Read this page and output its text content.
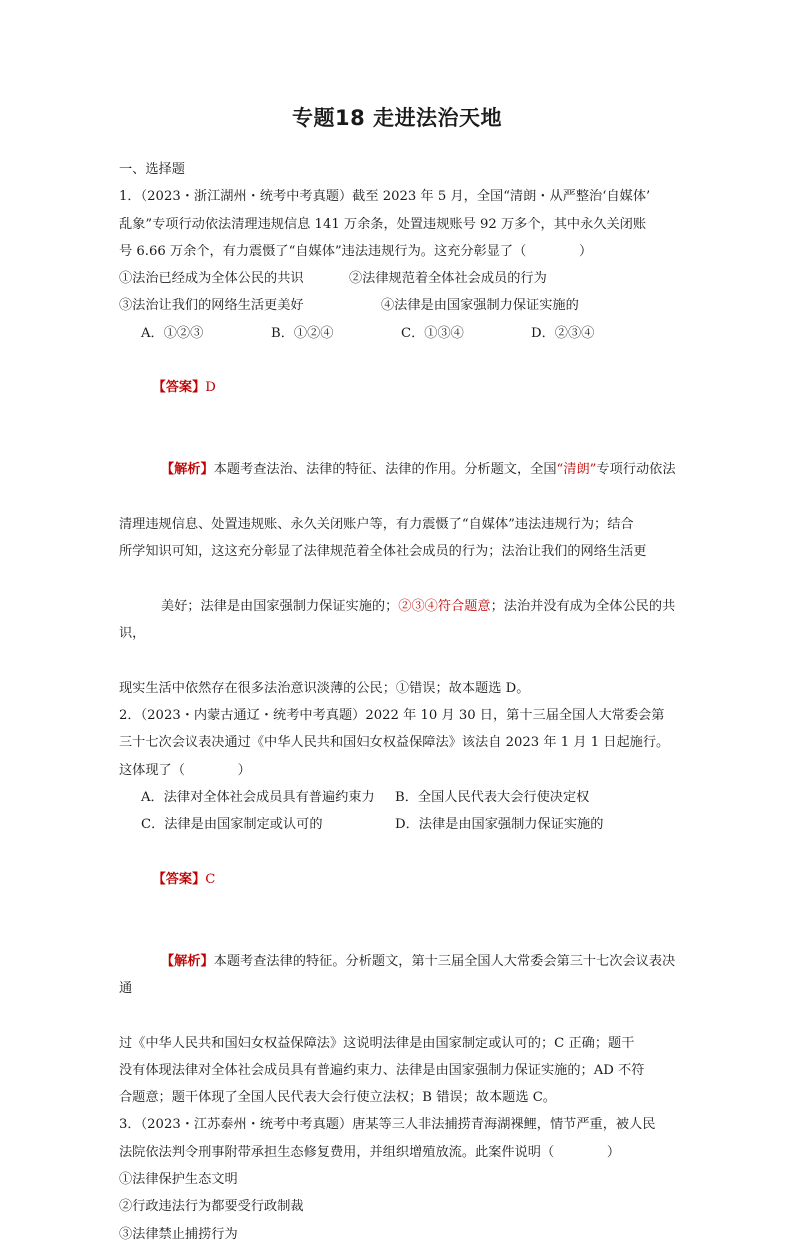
专题18 走进法治天地
一、选择题
1．（2023・浙江湖州・统考中考真题）截至 2023 年 5 月，全国“清朗・从严整治‘自媒体’
乱象”专项行动依法清理违规信息 141 万余条，处置违规账号 92 万多个，其中永久关闭账
号 6.66 万余个，有力震慑了“自媒体”违法违规行为。这充分彰显了（　　　　）
①法治已经成为全体公民的共识	②法律规范着全体社会成员的行为
③法治让我们的网络生活更美好	④法律是由国家强制力保证实施的
A．①②③	B．①②④	C．①③④	D．②③④

【答案】D

【解析】本题考查法治、法律的特征、法律的作用。分析题文，全国“清朗”专项行动依法

清理违规信息、处置违规账、永久关闭账户等，有力震慑了“自媒体”违法违规行为；结合
所学知识可知，这这充分彰显了法律规范着全体社会成员的行为；法治让我们的网络生活更

美好；法律是由国家强制力保证实施的；②③④符合题意；法治并没有成为全体公民的共识，

现实生活中依然存在很多法治意识淡薄的公民；①错误；故本题选 D。
2．（2023・内蒙古通辽・统考中考真题）2022 年 10 月 30 日，第十三届全国人大常委会第
三十七次会议表决通过《中华人民共和国妇女权益保障法》该法自 2023 年 1 月 1 日起施行。
这体现了（　　　　）
A．法律对全体社会成员具有普遍约束力	B．全国人民代表大会行使决定权
C．法律是由国家制定或认可的	D．法律是由国家强制力保证实施的

【答案】C

【解析】本题考查法律的特征。分析题文，第十三届全国人大常委会第三十七次会议表决通

过《中华人民共和国妇女权益保障法》这说明法律是由国家制定或认可的；C 正确；题干
没有体现法律对全体社会成员具有普遍约束力、法律是由国家强制力保证实施的；AD 不符
合题意；题干体现了全国人民代表大会行使立法权；B 错误；故本题选 C。
3．（2023・江苏泰州・统考中考真题）唐某等三人非法捕捞青海湖裸鲤，情节严重，被人民
法院依法判令刑事附带承担生态修复费用，并组织增殖放流。此案件说明（　　　　）
①法律保护生态文明
②行政违法行为都要受行政制裁
③法律禁止捕捞行为
